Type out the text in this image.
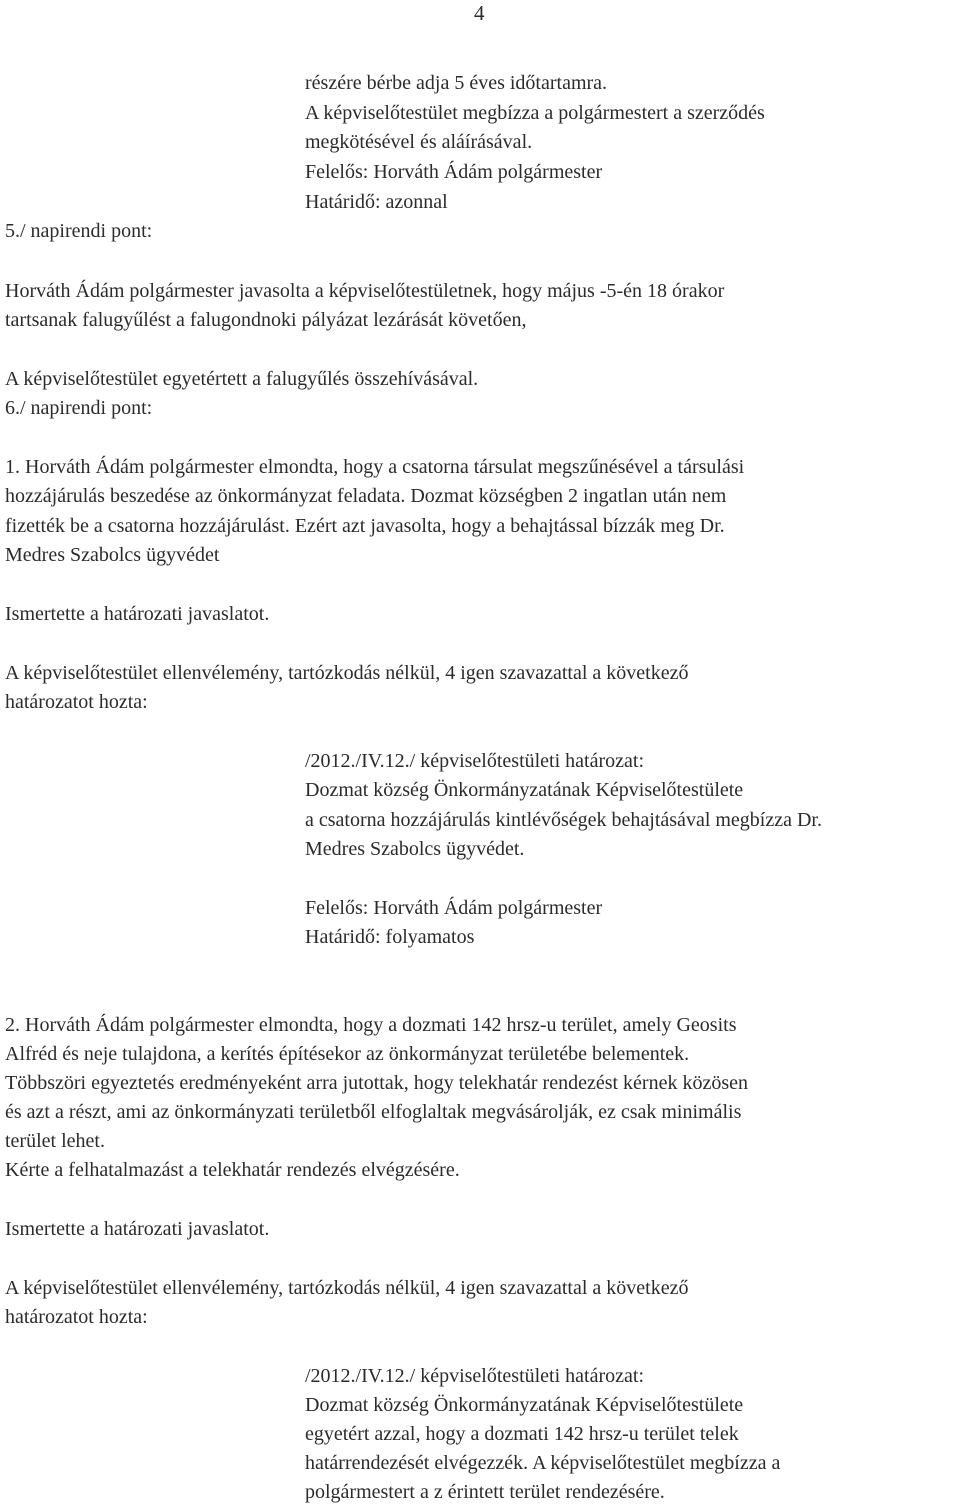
4
részére bérbe adja 5 éves időtartamra.
A képviselőtestület megbízza a polgármestert a szerződés
megkötésével és aláírásával.
Felelős: Horváth Ádám polgármester
Határidő: azonnal
5./ napirendi pont:
Horváth Ádám polgármester javasolta a képviselőtestületnek, hogy május -5-én 18 órakor
tartsanak falugyűlést a falugondnoki pályázat lezárását követően,
A képviselőtestület egyetértett a falugyűlés összehívásával.
6./ napirendi pont:
1. Horváth Ádám polgármester elmondta, hogy a csatorna társulat megszűnésével a társulási
hozzájárulás beszedése az önkormányzat feladata. Dozmat községben 2 ingatlan után nem
fizették be a csatorna hozzájárulást. Ezért azt javasolta, hogy a behajtással bízzák meg Dr.
Medres Szabolcs ügyvédet
Ismertette a határozati javaslatot.
A képviselőtestület ellenvélemény, tartózkodás nélkül, 4 igen szavazattal a következő
határozatot hozta:
/2012./IV.12./ képviselőtestületi határozat:
Dozmat község Önkormányzatának Képviselőtestülete
a csatorna hozzájárulás kintlévőségek behajtásával megbízza Dr.
Medres Szabolcs ügyvédet.
Felelős: Horváth Ádám polgármester
Határidő: folyamatos
2. Horváth Ádám polgármester elmondta, hogy a dozmati 142 hrsz-u terület, amely Geosits
Alfréd és neje tulajdona, a kerítés építésekor az önkormányzat területébe belementek.
Többszöri egyeztetés eredményeként arra jutottak, hogy telekhatár rendezést kérnek közösen
és azt a részt, ami az önkormányzati területből elfoglaltak megvásárolják, ez csak minimális
terület lehet.
Kérte a felhatalmazást a telekhatár rendezés elvégzésére.
Ismertette a határozati javaslatot.
A képviselőtestület ellenvélemény, tartózkodás nélkül, 4 igen szavazattal a következő
határozatot hozta:
/2012./IV.12./ képviselőtestületi határozat:
Dozmat község Önkormányzatának Képviselőtestülete
egyetért azzal, hogy a dozmati 142 hrsz-u terület telek
határrendezését elvégezzék. A képviselőtestület megbízza a
polgármestert a z érintett terület rendezésére.
